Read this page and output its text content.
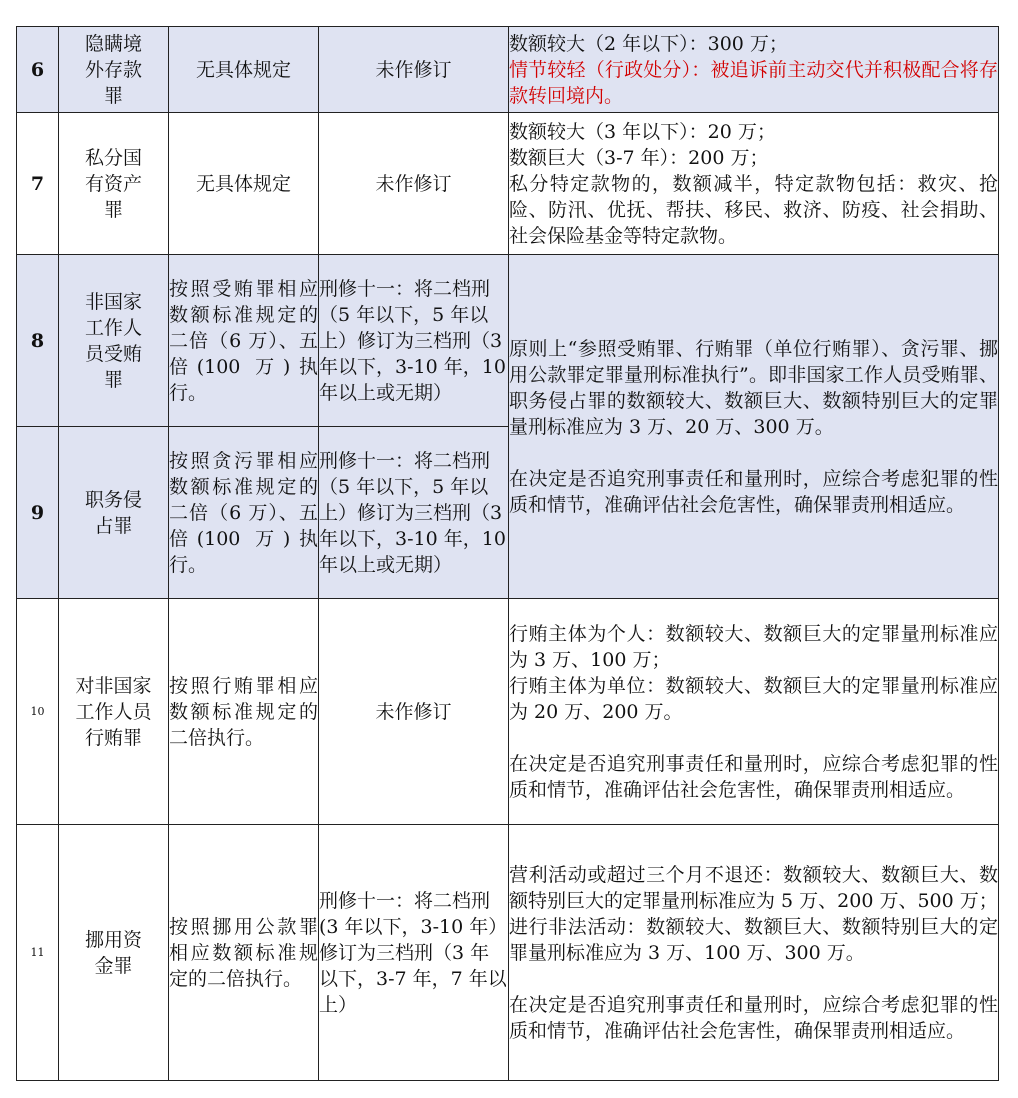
6	隐瞒境外存款罪	无具体规定	未作修订	数额较大（2 年以下）：300 万；

情节较轻（行政处分）：被追诉前主动交代并积极配合将存款转回境内。

7	私分国有资产罪	无具体规定	未作修订	数额较大（3 年以下）：20 万；

数额巨大（3-7 年）：200 万；

私分特定款物的，数额减半，特定款物包括：救灾、抢险、防汛、优抚、帮扶、移民、救济、防疫、社会捐助、社会保险基金等特定款物。

8	非国家工作人员受贿罪	按照受贿罪相应数额标准规定的二倍（6 万）、五倍(100 万)执行。	刑修十一：将二档刑（5 年以下，5 年以上）修订为三档刑（3 年以下，3-10 年，10 年以上或无期）	原则上“参照受贿罪、行贿罪（单位行贿罪）、贪污罪、挪用公款罪定罪量刑标准执行”。即非国家工作人员受贿罪、职务侵占罪的数额较大、数额巨大、数额特别巨大的定罪量刑标准应为 3 万、20 万、300 万。

在决定是否追究刑事责任和量刑时，应综合考虑犯罪的性质和情节，准确评估社会危害性，确保罪责刑相适应。

9	职务侵占罪	按照贪污罪相应数额标准规定的二倍（6 万）、五倍(100 万)执行。	刑修十一：将二档刑（5 年以下，5 年以上）修订为三档刑（3 年以下，3-10 年，10 年以上或无期）	
10	对非国家工作人员行贿罪	按照行贿罪相应数额标准规定的二倍执行。	未作修订	行贿主体为个人：数额较大、数额巨大的定罪量刑标准应为 3 万、100 万；

行贿主体为单位：数额较大、数额巨大的定罪量刑标准应为 20 万、200 万。

在决定是否追究刑事责任和量刑时，应综合考虑犯罪的性质和情节，准确评估社会危害性，确保罪责刑相适应。

11	挪用资金罪	按照挪用公款罪相应数额标准规定的二倍执行。	刑修十一：将二档刑(3 年以下，3-10 年）修订为三档刑（3 年以下，3-7 年，7 年以上）	营利活动或超过三个月不退还：数额较大、数额巨大、数额特别巨大的定罪量刑标准应为 5 万、200 万、500 万；

进行非法活动：数额较大、数额巨大、数额特别巨大的定罪量刑标准应为 3 万、100 万、300 万。

在决定是否追究刑事责任和量刑时，应综合考虑犯罪的性质和情节，准确评估社会危害性，确保罪责刑相适应。
